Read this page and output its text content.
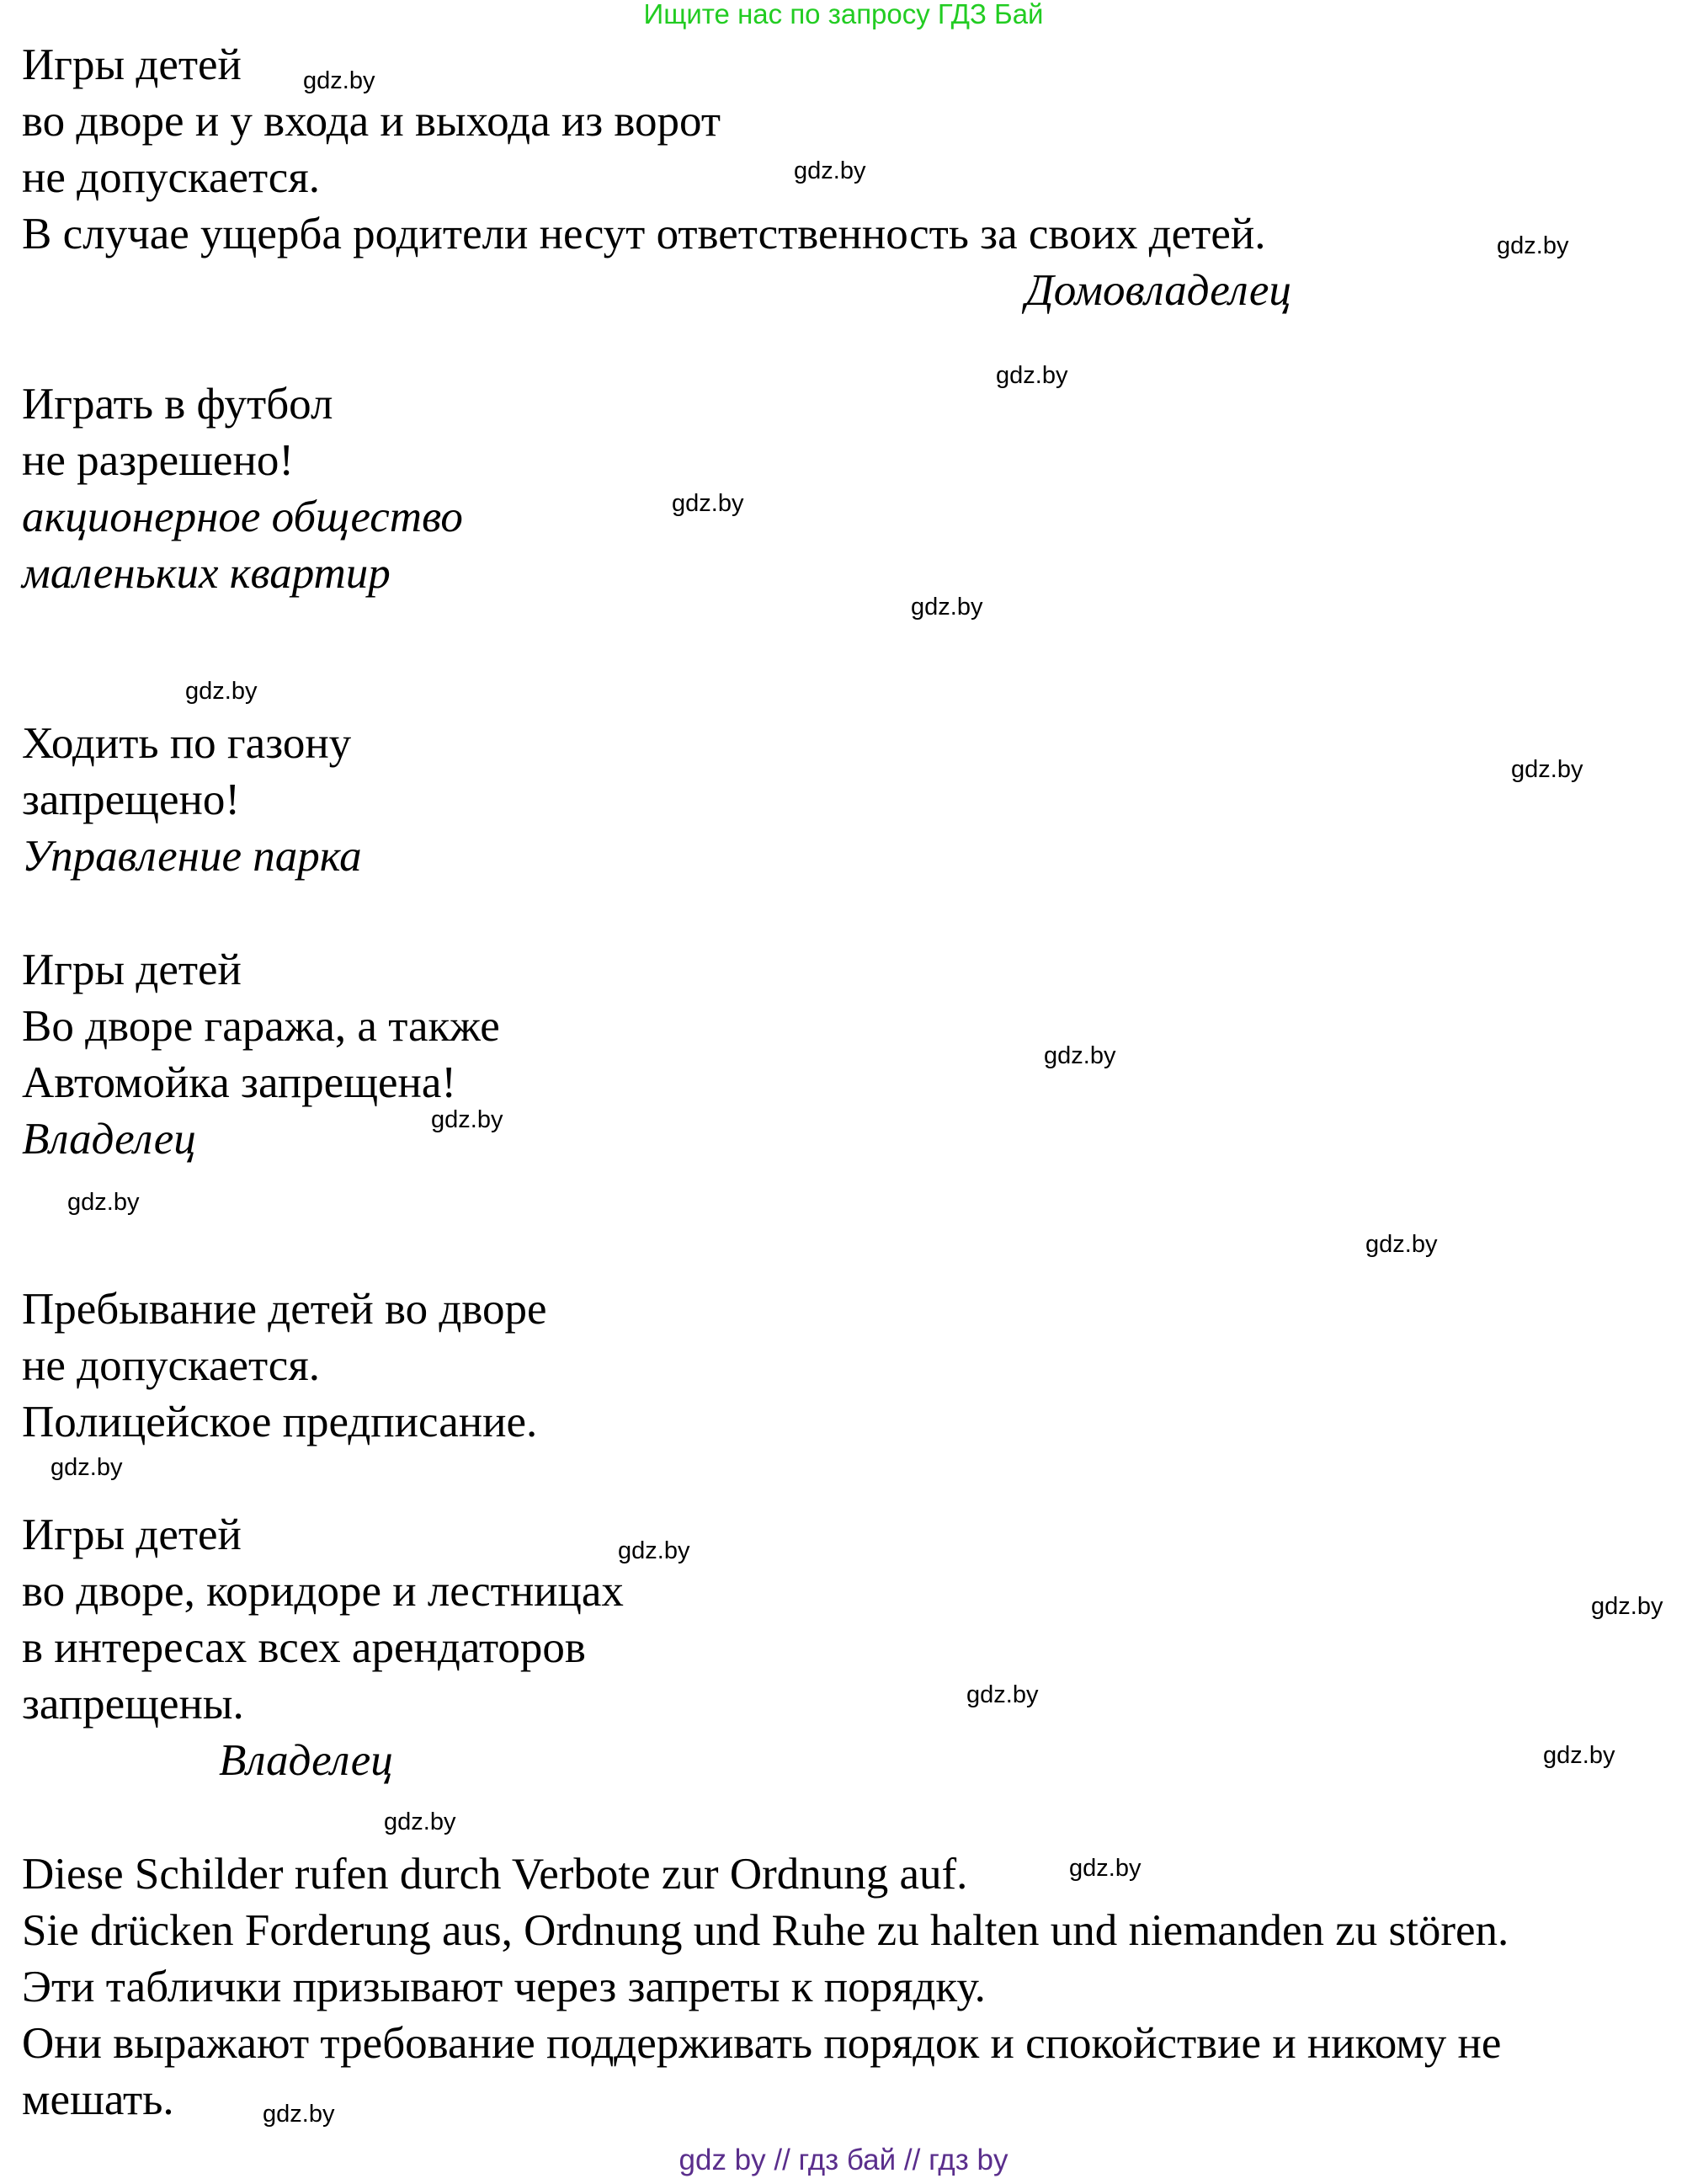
Ищите нас по запросу ГДЗ Бай
Игры детей
во дворе и у входа и выхода из ворот
не допускается.
В случае ущерба родители несут ответственность за своих детей.
Домовладелец
Играть в футбол
не разрешено!
акционерное общество
маленьких квартир
Ходить по газону
запрещено!
Управление парка
Игры детей
Во дворе гаража, а также
Автомойка запрещена!
Владелец
Пребывание детей во дворе
не допускается.
Полицейское предписание.
Игры детей
во дворе, коридоре и лестницах
в интересах всех арендаторов
запрещены.
Владелец
Diese Schilder rufen durch Verbote zur Ordnung auf.
Sie drücken Forderung aus, Ordnung und Ruhe zu halten und niemanden zu stören.
Эти таблички призывают через запреты к порядку.
Они выражают требование поддерживать порядок и спокойствие и никому не
мешать.
gdz.by
gdz.by
gdz.by
gdz.by
gdz.by
gdz.by
gdz.by
gdz.by
gdz.by
gdz.by
gdz.by
gdz.by
gdz.by
gdz.by
gdz.by
gdz.by
gdz.by
gdz.by
gdz.by
gdz.by
gdz by // гдз бай // гдз by
